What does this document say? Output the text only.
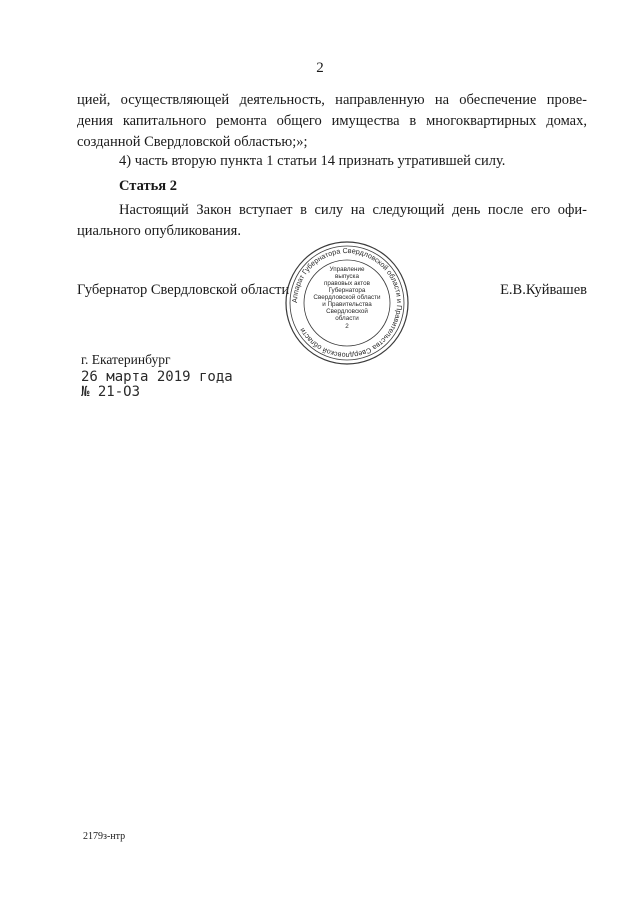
2
цией, осуществляющей деятельность, направленную на обеспечение прове-
дения капитального ремонта общего имущества в многоквартирных домах,
созданной Свердловской областью;»;
4) часть вторую пункта 1 статьи 14 признать утратившей силу.
Статья 2
Настоящий Закон вступает в силу на следующий день после его офи-
циального опубликования.
Губернатор Свердловской области	Е.В.Куйвашев
Аппарат Губернатора Свердловской области и Правительства Свердловской области
Управление
выпуска
правовых актов
Губернатора
Свердловской области
и Правительства
Свердловской
области
2
г. Екатеринбург
26 марта 2019 года
№ 21-ОЗ
2179з-нтр
